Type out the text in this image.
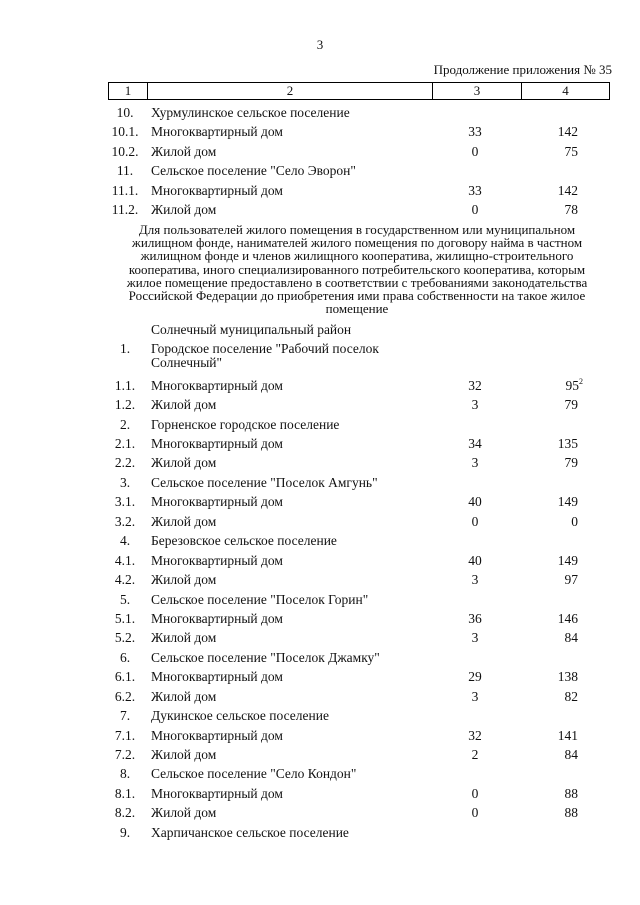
3
Продолжение приложения № 35
1	2	3	4
10.	Хурмулинское сельское поселение
10.1. Многоквартирный дом	33	142
10.2. Жилой дом	0	75
11.	Сельское поселение "Село Эворон"
11.1. Многоквартирный дом	33	142
11.2. Жилой дом	0	78
Для пользователей жилого помещения в государственном или муниципальном жилищном фонде, нанимателей жилого помещения по договору найма в частном жилищном фонде и членов жилищного кооператива, жилищно-строительного кооператива, иного специализированного потребительского кооператива, которым жилое помещение предоставлено в соответствии с требованиями законодательства Российской Федерации до приобретения ими права собственности на такое жилое помещение
Солнечный муниципальный район
1.	Городское поселение "Рабочий поселок Солнечный"
1.1.	Многоквартирный дом	32	$95^2$
1.2.	Жилой дом	3	79
2.	Горненское городское поселение
2.1.	Многоквартирный дом	34	135
2.2.	Жилой дом	3	79
3.	Сельское поселение "Поселок Амгунь"
3.1.	Многоквартирный дом	40	149
3.2.	Жилой дом	0	0
4.	Березовское сельское поселение
4.1.	Многоквартирный дом	40	149
4.2.	Жилой дом	3	97
5.	Сельское поселение "Поселок Горин"
5.1.	Многоквартирный дом	36	146
5.2.	Жилой дом	3	84
6.	Сельское поселение "Поселок Джамку"
6.1.	Многоквартирный дом	29	138
6.2.	Жилой дом	3	82
7.	Дукинское сельское поселение
7.1.	Многоквартирный дом	32	141
7.2.	Жилой дом	2	84
8.	Сельское поселение "Село Кондон"
8.1.	Многоквартирный дом	0	88
8.2.	Жилой дом	0	88
9.	Харпичанское сельское поселение
